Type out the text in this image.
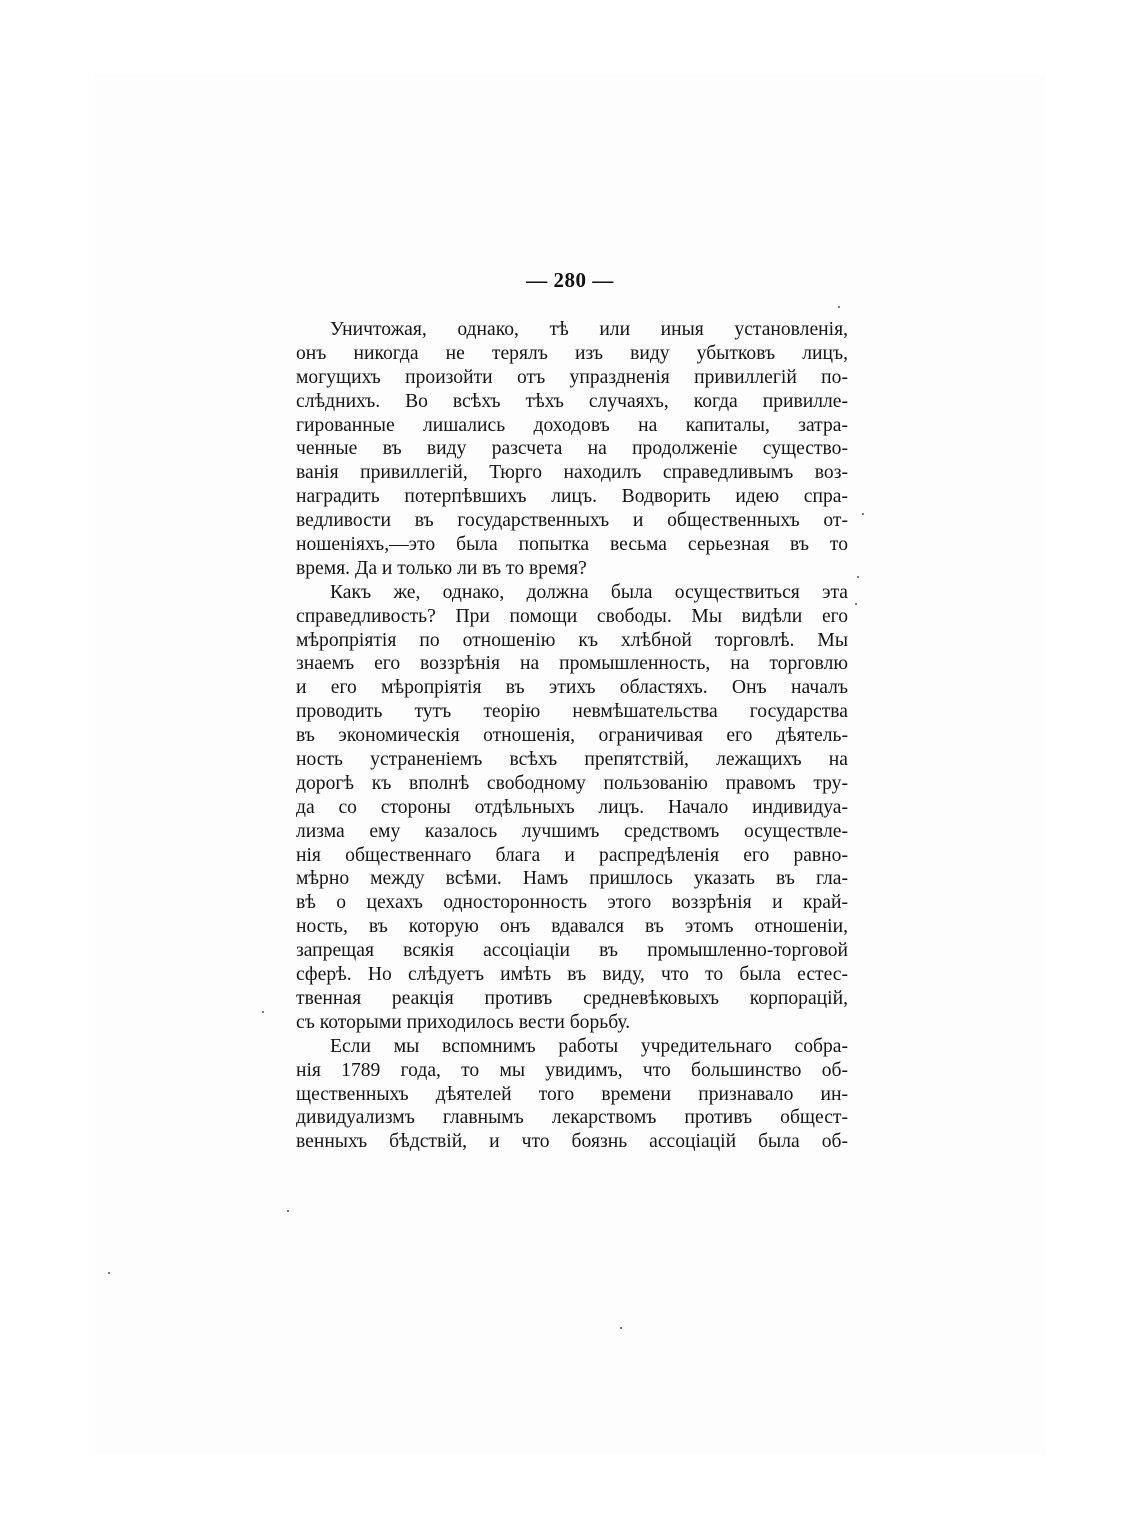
— 280 —
Уничтожая, однако, тѣ или иныя установленія,
онъ никогда не терялъ изъ виду убытковъ лицъ,
могущихъ произойти отъ упраздненія привиллегій по-
слѣднихъ. Во всѣхъ тѣхъ случаяхъ, когда привилле-
гированные лишались доходовъ на капиталы, затра-
ченные въ виду разсчета на продолженіе существо-
ванія привиллегій, Тюрго находилъ справедливымъ воз-
наградить потерпѣвшихъ лицъ. Водворить идею спра-
ведливости въ государственныхъ и общественныхъ от-
ношеніяхъ,—это была попытка весьма серьезная въ то
время. Да и только ли въ то время?
Какъ же, однако, должна была осуществиться эта
справедливость? При помощи свободы. Мы видѣли его
мѣропріятія по отношенію къ хлѣбной торговлѣ. Мы
знаемъ его воззрѣнія на промышленность, на торговлю
и его мѣропріятія въ этихъ областяхъ. Онъ началъ
проводить тутъ теорію невмѣшательства государства
въ экономическія отношенія, ограничивая его дѣятель-
ность устраненіемъ всѣхъ препятствій, лежащихъ на
дорогѣ къ вполнѣ свободному пользованію правомъ тру-
да со стороны отдѣльныхъ лицъ. Начало индивидуа-
лизма ему казалось лучшимъ средствомъ осуществле-
нія общественнаго блага и распредѣленія его равно-
мѣрно между всѣми. Намъ пришлось указать въ гла-
вѣ о цехахъ односторонность этого воззрѣнія и край-
ность, въ которую онъ вдавался въ этомъ отношеніи,
запрещая всякія ассоціаціи въ промышленно-торговой
сферѣ. Но слѣдуетъ имѣть въ виду, что то была естес-
твенная реакція противъ средневѣковыхъ корпорацій,
съ которыми приходилось вести борьбу.
Если мы вспомнимъ работы учредительнаго собра-
нія 1789 года, то мы увидимъ, что большинство об-
щественныхъ дѣятелей того времени признавало ин-
дивидуализмъ главнымъ лекарствомъ противъ общест-
венныхъ бѣдствій, и что боязнь ассоціацій была об-
